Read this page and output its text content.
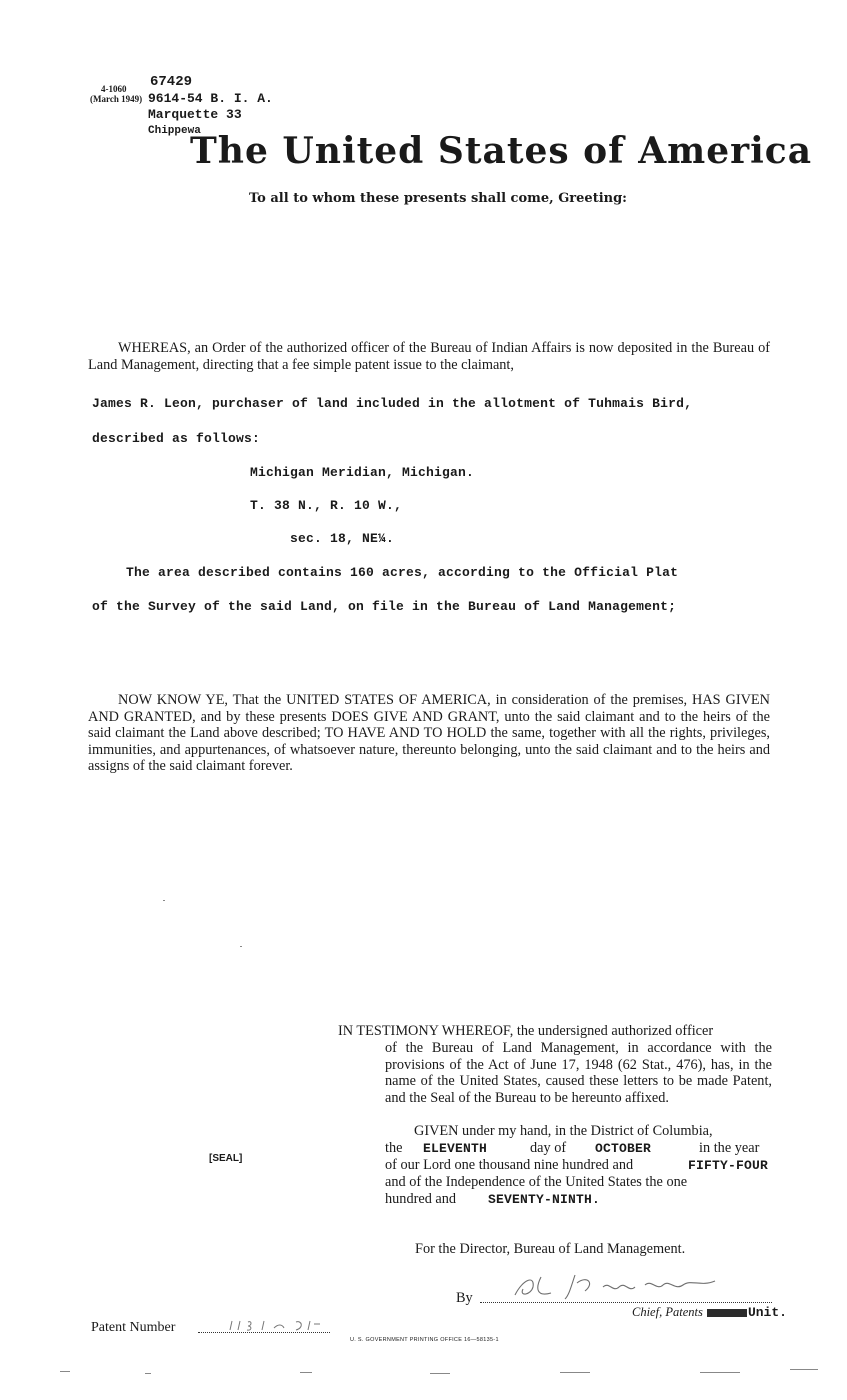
4-1060
(March 1949)
67429
9614-54 B. I. A.
Marquette 33
Chippewa
The United States of America
To all to whom these presents shall come, Greeting:
WHEREAS, an Order of the authorized officer of the Bureau of Indian Affairs is now deposited in the Bureau of Land Management, directing that a fee simple patent issue to the claimant,
James R. Leon, purchaser of land included in the allotment of Tuhmais Bird,
described as follows:
Michigan Meridian, Michigan.
T. 38 N., R. 10 W.,
sec. 18, NE¼.
The area described contains 160 acres, according to the Official Plat
of the Survey of the said Land, on file in the Bureau of Land Management;
NOW KNOW YE, That the UNITED STATES OF AMERICA, in consideration of the premises, HAS GIVEN AND GRANTED, and by these presents DOES GIVE AND GRANT, unto the said claimant and to the heirs of the said claimant the Land above described; TO HAVE AND TO HOLD the same, together with all the rights, privileges, immunities, and appurtenances, of whatsoever nature, thereunto belonging, unto the said claimant and to the heirs and assigns of the said claimant forever.
IN TESTIMONY WHEREOF, the undersigned authorized officer
of the Bureau of Land Management, in accordance with the provisions of the Act of June 17, 1948 (62 Stat., 476), has, in the name of the United States, caused these letters to be made Patent, and the Seal of the Bureau to be hereunto affixed.
GIVEN under my hand, in the District of Columbia,
the ELEVENTH	day of OCTOBER	in the year
of our Lord one thousand nine hundred and	FIFTY-FOUR
and of the Independence of the United States the one
hundred and SEVENTY-NINTH.
[SEAL]
For the Director, Bureau of Land Management.
By
Chief, Patents	Unit.
Patent Number
U. S. GOVERNMENT PRINTING OFFICE 16—58135-1
